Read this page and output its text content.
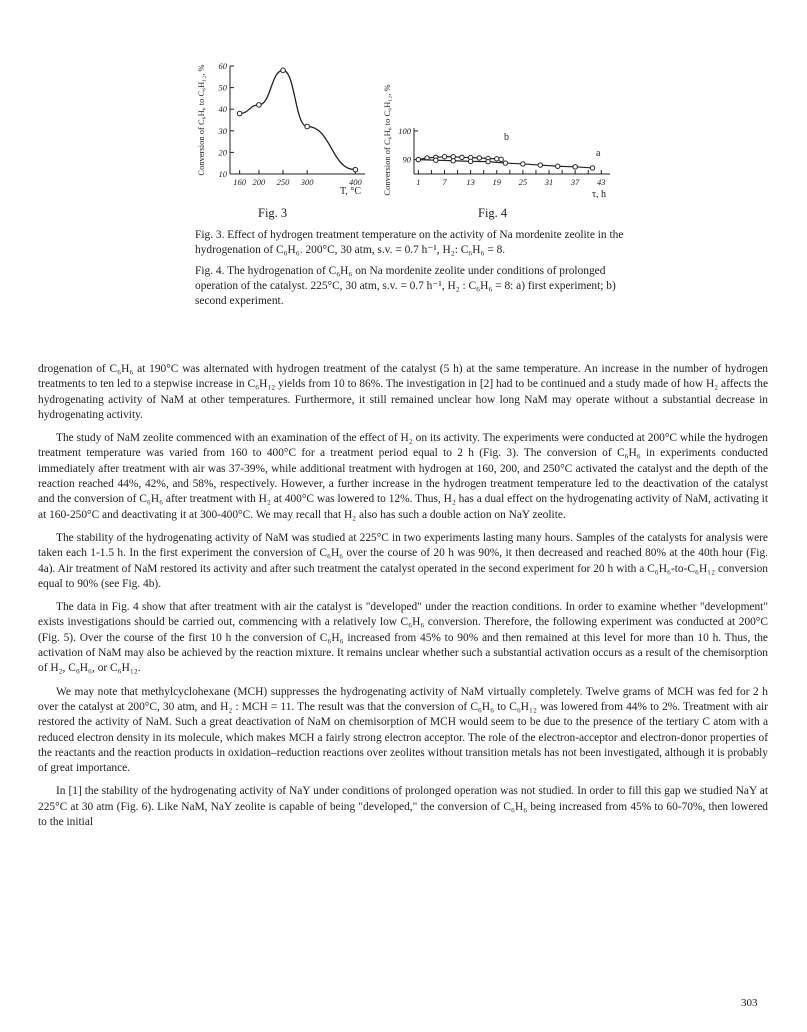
60
50
40
30
20
10
160 200 250 300	400
T, °C
Conversion of C₆H₆ to C₆H₁₂, %	100
90
1	7 13 19 25 31 37 43
b
a
τ, h
Conversion of C₆H₆ to C₆H₁₂, %
Fig. 3	Fig. 4

Fig. 3. Effect of hydrogen treatment temperature on the activity of Na mordenite zeolite in the hydrogenation of C₆H₆. 200°C, 30 atm, s.v. = 0.7 h⁻¹, H₂: C₆H₆ = 8.

Fig. 4. The hydrogenation of C₆H₆ on Na mordenite zeolite under conditions of prolonged operation of the catalyst. 225°C, 30 atm, s.v. = 0.7 h⁻¹, H₂ : C₆H₆ = 8: a) first experiment; b) second experiment.

drogenation of C₆H₆ at 190°C was alternated with hydrogen treatment of the catalyst (5 h) at the same temperature. An increase in the number of hydrogen treatments to ten led to a stepwise increase in C₆H₁₂ yields from 10 to 86%. The investigation in [2] had to be continued and a study made of how H₂ affects the hydrogenating activity of NaM at other temperatures. Furthermore, it still remained unclear how long NaM may operate without a substantial decrease in hydrogenating activity.

The study of NaM zeolite commenced with an examination of the effect of H₂ on its activity. The experiments were conducted at 200°C while the hydrogen treatment temperature was varied from 160 to 400°C for a treatment period equal to 2 h (Fig. 3). The conversion of C₆H₆ in experiments conducted immediately after treatment with air was 37-39%, while additional treatment with hydrogen at 160, 200, and 250°C activated the catalyst and the depth of the reaction reached 44%, 42%, and 58%, respectively. However, a further increase in the hydrogen treatment temperature led to the deactivation of the catalyst and the conversion of C₆H₆ after treatment with H₂ at 400°C was lowered to 12%. Thus, H₂ has a dual effect on the hydrogenating activity of NaM, activating it at 160-250°C and deactivating it at 300-400°C. We may recall that H₂ also has such a double action on NaY zeolite.

The stability of the hydrogenating activity of NaM was studied at 225°C in two experiments lasting many hours. Samples of the catalysts for analysis were taken each 1-1.5 h. In the first experiment the conversion of C₆H₆ over the course of 20 h was 90%, it then decreased and reached 80% at the 40th hour (Fig. 4a). Air treatment of NaM restored its activity and after such treatment the catalyst operated in the second experiment for 20 h with a C₆H₆-to-C₆H₁₂ conversion equal to 90% (see Fig. 4b).

The data in Fig. 4 show that after treatment with air the catalyst is "developed" under the reaction conditions. In order to examine whether "development" exists investigations should be carried out, commencing with a relatively low C₆H₆ conversion. Therefore, the following experiment was conducted at 200°C (Fig. 5). Over the course of the first 10 h the conversion of C₆H₆ increased from 45% to 90% and then remained at this level for more than 10 h. Thus, the activation of NaM may also be achieved by the reaction mixture. It remains unclear whether such a substantial activation occurs as a result of the chemisorption of H₂, C₆H₆, or C₆H₁₂.

We may note that methylcyclohexane (MCH) suppresses the hydrogenating activity of NaM virtually completely. Twelve grams of MCH was fed for 2 h over the catalyst at 200°C, 30 atm, and H₂ : MCH = 11. The result was that the conversion of C₆H₆ to C₆H₁₂ was lowered from 44% to 2%. Treatment with air restored the activity of NaM. Such a great deactivation of NaM on chemisorption of MCH would seem to be due to the presence of the tertiary C atom with a reduced electron density in its molecule, which makes MCH a fairly strong electron acceptor. The role of the electron-acceptor and electron-donor properties of the reactants and the reaction products in oxidation–reduction reactions over zeolites without transition metals has not been investigated, although it is probably of great importance.

In [1] the stability of the hydrogenating activity of NaY under conditions of prolonged operation was not studied. In order to fill this gap we studied NaY at 225°C at 30 atm (Fig. 6). Like NaM, NaY zeolite is capable of being "developed," the conversion of C₆H₆ being increased from 45% to 60-70%, then lowered to the initial

303
